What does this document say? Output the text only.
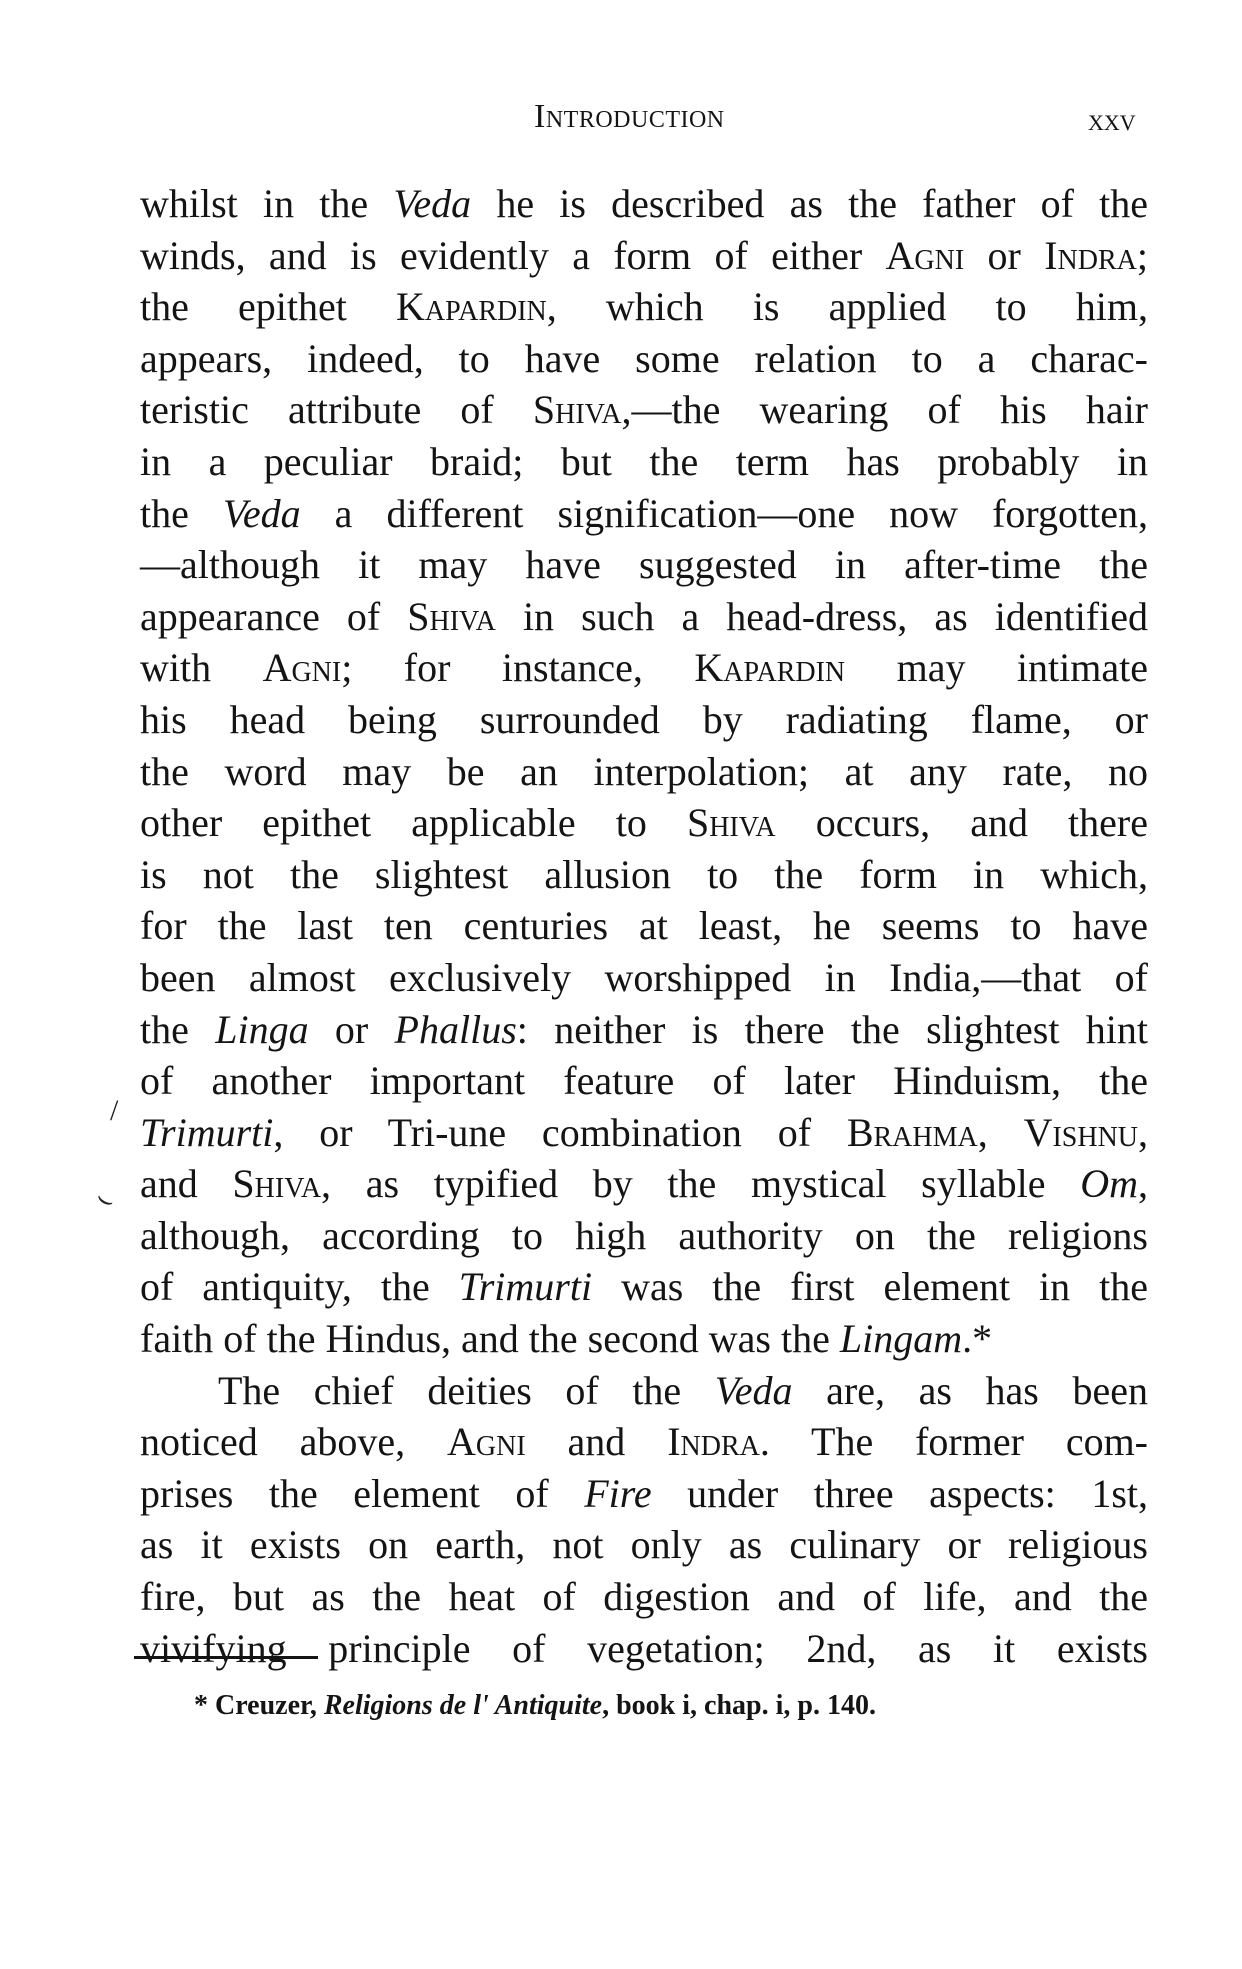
Introduction	xxv
whilst in the Veda he is described as the father of the
winds, and is evidently a form of either Agni or Indra;
the epithet Kapardin, which is applied to him,
appears, indeed, to have some relation to a charac-
teristic attribute of Shiva,—the wearing of his hair
in a peculiar braid; but the term has probably in
the Veda a different signification—one now forgotten,
—although it may have suggested in after-time the
appearance of Shiva in such a head-dress, as identified
with Agni; for instance, Kapardin may intimate
his head being surrounded by radiating flame, or
the word may be an interpolation; at any rate, no
other epithet applicable to Shiva occurs, and there
is not the slightest allusion to the form in which,
for the last ten centuries at least, he seems to have
been almost exclusively worshipped in India,—that of
the Linga or Phallus: neither is there the slightest hint
of another important feature of later Hinduism, the
Trimurti, or Tri-une combination of Brahma, Vishnu,
and Shiva, as typified by the mystical syllable Om,
although, according to high authority on the religions
of antiquity, the Trimurti was the first element in the
faith of the Hindus, and the second was the Lingam.*
The chief deities of the Veda are, as has been
noticed above, Agni and Indra. The former com-
prises the element of Fire under three aspects: 1st,
as it exists on earth, not only as culinary or religious
fire, but as the heat of digestion and of life, and the
vivifying principle of vegetation; 2nd, as it exists
* Creuzer, Religions de l' Antiquite, book i, chap. i, p. 140.
/
⌣
